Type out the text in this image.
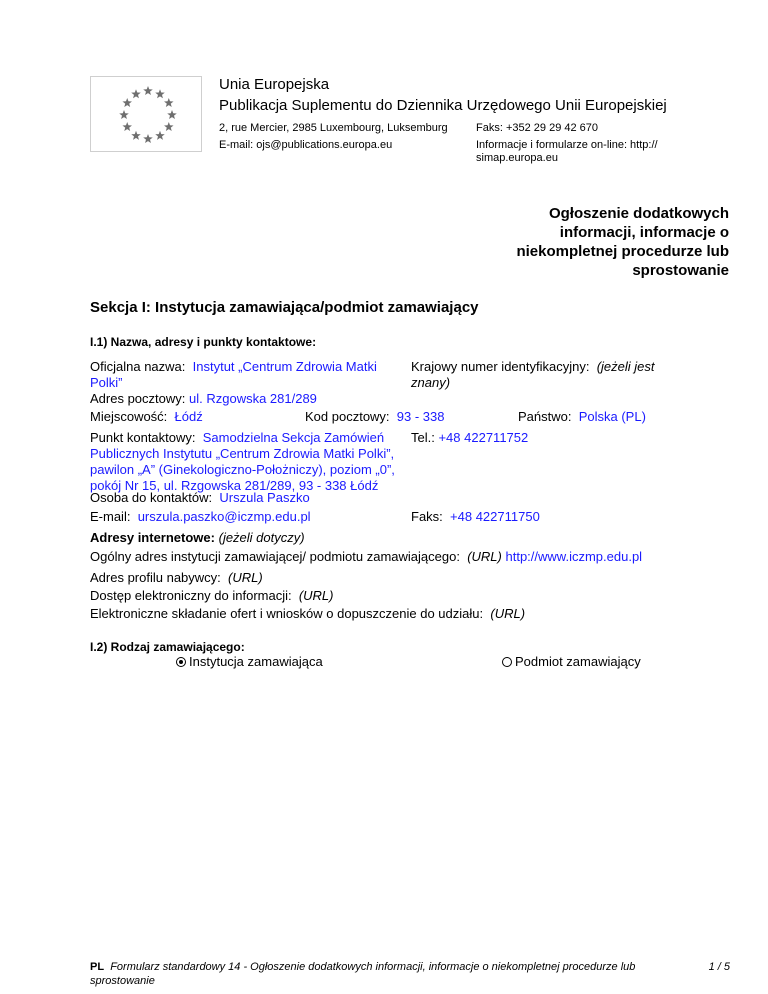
Unia Europejska
Publikacja Suplementu do Dziennika Urzędowego Unii Europejskiej
2, rue Mercier, 2985 Luxembourg, Luksemburg	Faks: +352 29 29 42 670
E-mail: ojs@publications.europa.eu	Informacje i formularze on-line: http://
simap.europa.eu
Ogłoszenie dodatkowych
informacji, informacje o
niekompletnej procedurze lub
sprostowanie
Sekcja I: Instytucja zamawiająca/podmiot zamawiający
I.1) Nazwa, adresy i punkty kontaktowe:
Oficjalna nazwa: Instytut „Centrum Zdrowia Matki
Polki”
Krajowy numer identyfikacyjny: (jeżeli jest
znany)
Adres pocztowy: ul. Rzgowska 281/289
Miejscowość: Łódź	Kod pocztowy: 93 - 338	Państwo: Polska (PL)
Punkt kontaktowy: Samodzielna Sekcja Zamówień
Publicznych Instytutu „Centrum Zdrowia Matki Polki”,
pawilon „A” (Ginekologiczno-Położniczy), poziom „0”,
pokój Nr 15, ul. Rzgowska 281/289, 93 - 338 Łódź
Tel.: +48 422711752
Osoba do kontaktów: Urszula Paszko
E-mail: urszula.paszko@iczmp.edu.pl	Faks: +48 422711750
Adresy internetowe: (jeżeli dotyczy)
Ogólny adres instytucji zamawiającej/ podmiotu zamawiającego: (URL) http://www.iczmp.edu.pl
Adres profilu nabywcy: (URL)
Dostęp elektroniczny do informacji: (URL)
Elektroniczne składanie ofert i wniosków o dopuszczenie do udziału: (URL)
I.2) Rodzaj zamawiającego:
Instytucja zamawiająca	Podmiot zamawiający
PL Formularz standardowy 14 - Ogłoszenie dodatkowych informacji, informacje o niekompletnej procedurze lub
sprostowanie
1 / 5
